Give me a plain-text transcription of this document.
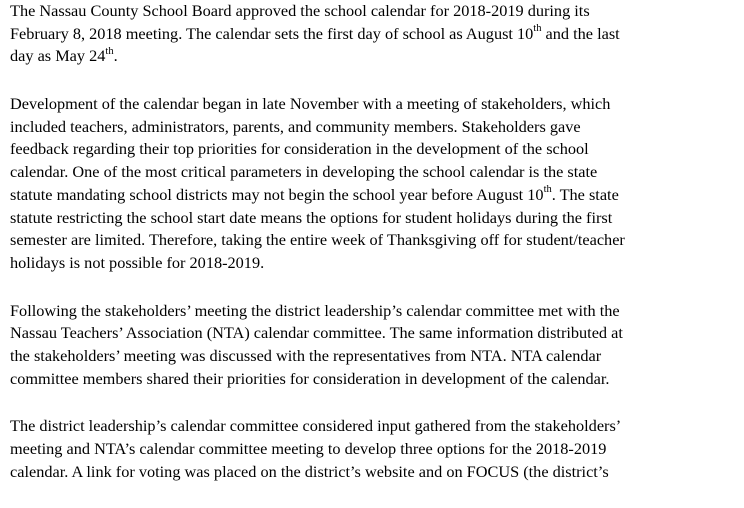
The Nassau County School Board approved the school calendar for 2018-2019 during its
February 8, 2018 meeting. The calendar sets the first day of school as August 10th and the last
day as May 24th.

Development of the calendar began in late November with a meeting of stakeholders, which
included teachers, administrators, parents, and community members. Stakeholders gave
feedback regarding their top priorities for consideration in the development of the school
calendar. One of the most critical parameters in developing the school calendar is the state
statute mandating school districts may not begin the school year before August 10th. The state
statute restricting the school start date means the options for student holidays during the first
semester are limited. Therefore, taking the entire week of Thanksgiving off for student/teacher
holidays is not possible for 2018-2019.

Following the stakeholders’ meeting the district leadership’s calendar committee met with the
Nassau Teachers’ Association (NTA) calendar committee. The same information distributed at
the stakeholders’ meeting was discussed with the representatives from NTA. NTA calendar
committee members shared their priorities for consideration in development of the calendar.

The district leadership’s calendar committee considered input gathered from the stakeholders’
meeting and NTA’s calendar committee meeting to develop three options for the 2018-2019
calendar. A link for voting was placed on the district’s website and on FOCUS (the district’s
